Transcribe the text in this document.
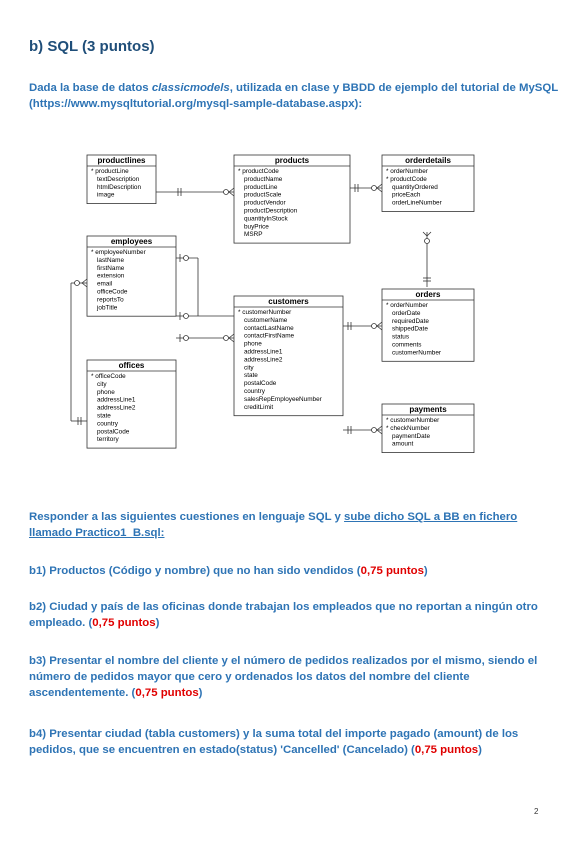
b) SQL (3 puntos)

Dada la base de datos classicmodels, utilizada en clase y BBDD de ejemplo del tutorial de MySQL (https://www.mysqltutorial.org/mysql-sample-database.aspx):

productlines
* productLine
textDescription
htmlDescription
image
products
* productCode
productName
productLine
productScale
productVendor
productDescription
quantityInStock
buyPrice
MSRP
orderdetails
* orderNumber
* productCode
quantityOrdered
priceEach
orderLineNumber
employees
* employeeNumber
lastName
firstName
extension
email
officeCode
reportsTo
jobTitle
customers
* customerNumber
customerName
contactLastName
contactFirstName
phone
addressLine1
addressLine2
city
state
postalCode
country
salesRepEmployeeNumber
creditLimit
orders
* orderNumber
orderDate
requiredDate
shippedDate
status
comments
customerNumber
offices
* officeCode
city
phone
addressLine1
addressLine2
state
country
postalCode
territory
payments
* customerNumber
* checkNumber
paymentDate
amount

Responder a las siguientes cuestiones en lenguaje SQL y sube dicho SQL a BB en fichero llamado Practico1_B.sql:

b1) Productos (Código y nombre) que no han sido vendidos (0,75 puntos)

b2) Ciudad y país de las oficinas donde trabajan los empleados que no reportan a ningún otro empleado. (0,75 puntos)

b3) Presentar el nombre del cliente y el número de pedidos realizados por el mismo, siendo el número de pedidos mayor que cero y ordenados los datos del nombre del cliente ascendentemente. (0,75 puntos)

b4) Presentar ciudad (tabla customers) y la suma total del importe pagado (amount) de los pedidos, que se encuentren en estado(status) 'Cancelled' (Cancelado) (0,75 puntos)

2
